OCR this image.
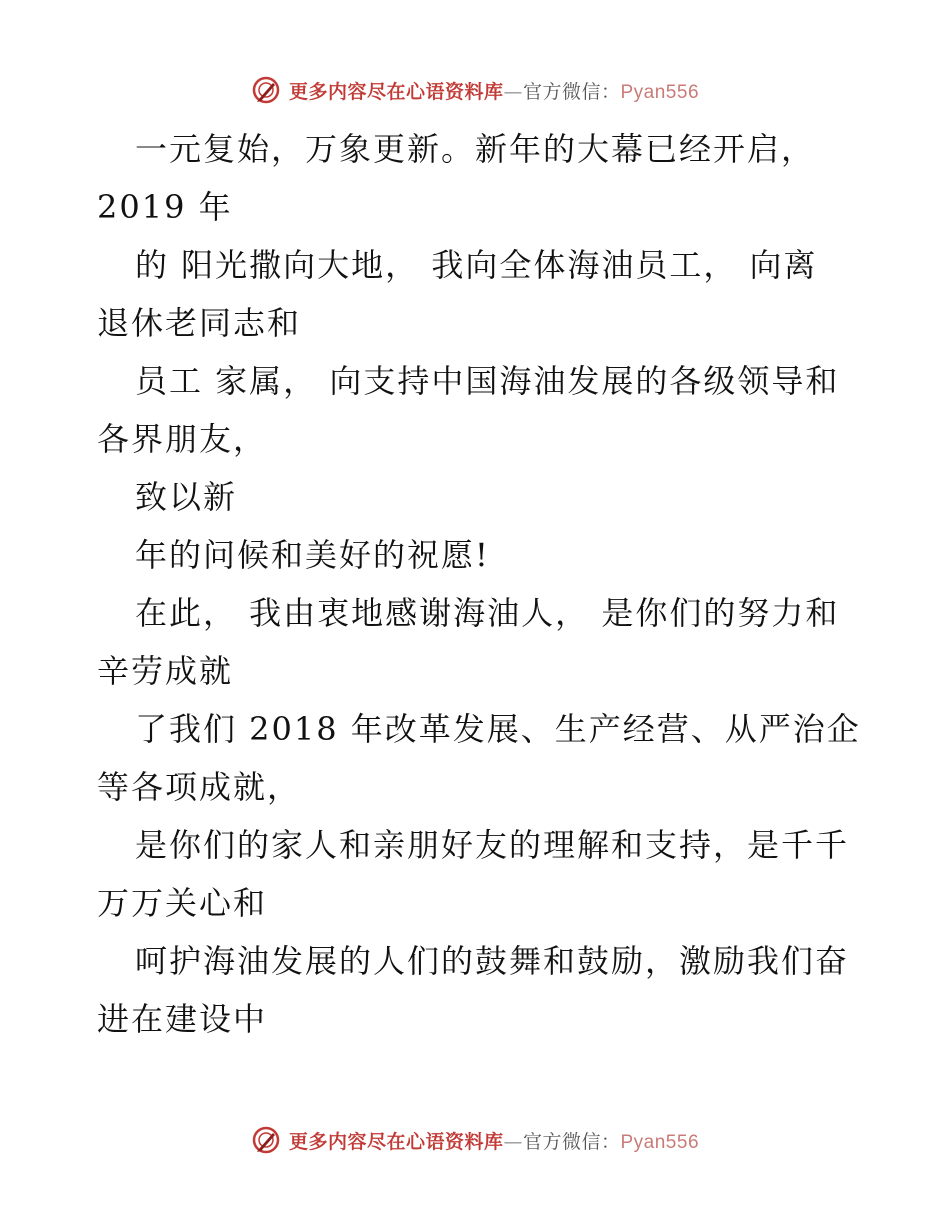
更多内容尽在心语资料库—官方微信：Pyan556
一元复始，万象更新。新年的大幕已经开启，
2019 年
的 阳光撒向大地， 我向全体海油员工， 向离
退休老同志和
员工 家属， 向支持中国海油发展的各级领导和
各界朋友，
致以新
年的问候和美好的祝愿!
在此， 我由衷地感谢海油人， 是你们的努力和
辛劳成就
了我们 2018 年改革发展、生产经营、从严治企
等各项成就，
是你们的家人和亲朋好友的理解和支持，是千千
万万关心和
呵护海油发展的人们的鼓舞和鼓励，激励我们奋
进在建设中
更多内容尽在心语资料库—官方微信：Pyan556
